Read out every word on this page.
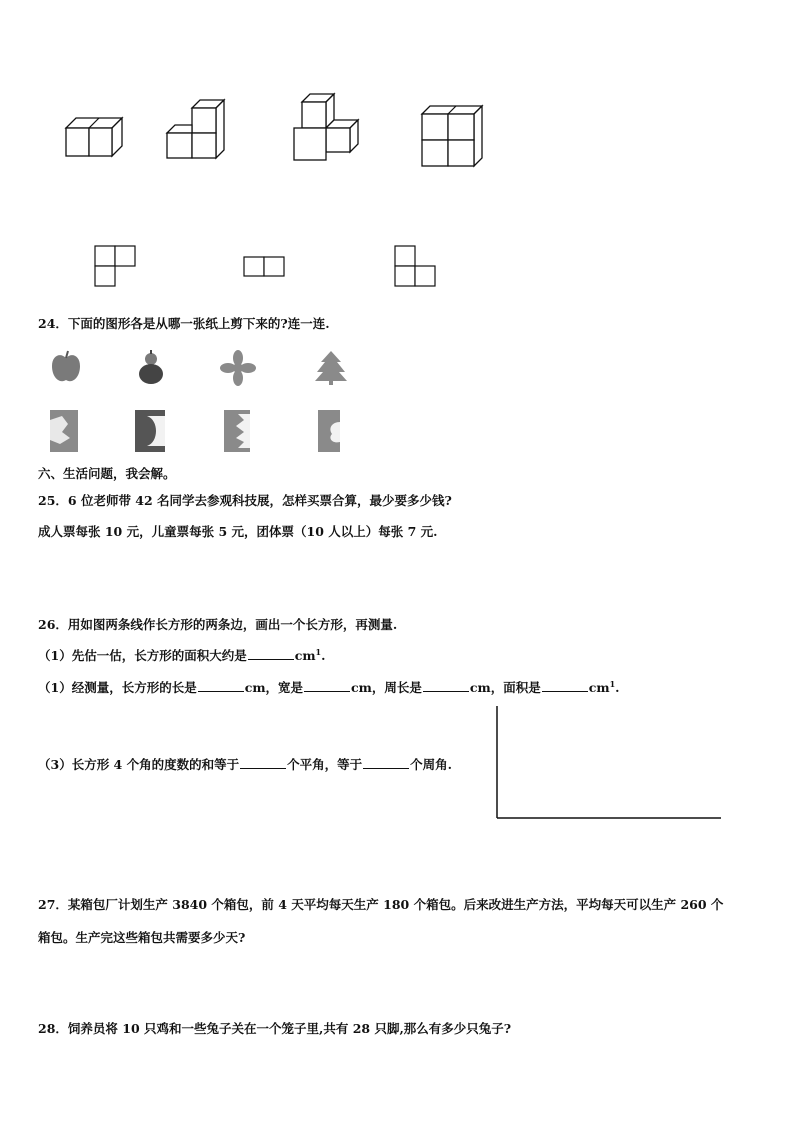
24．下面的图形各是从哪一张纸上剪下来的?连一连.
六、生活问题，我会解。
25．6 位老师带 42 名同学去参观科技展，怎样买票合算，最少要多少钱?
成人票每张 10 元，儿童票每张 5 元，团体票（10 人以上）每张 7 元.
26．用如图两条线作长方形的两条边，画出一个长方形，再测量.
（1）先估一估，长方形的面积大约是	$cm^1$.
（1）经测量，长方形的长是	cm，宽是	cm，周长是	cm，面积是	$cm^1$.
（3）长方形 4 个角的度数的和等于	个平角，等于	个周角.
27．某箱包厂计划生产 3840 个箱包，前 4 天平均每天生产 180 个箱包。后来改进生产方法，平均每天可以生产 260 个
箱包。生产完这些箱包共需要多少天?
28．饲养员将 10 只鸡和一些兔子关在一个笼子里,共有 28 只脚,那么有多少只兔子?
